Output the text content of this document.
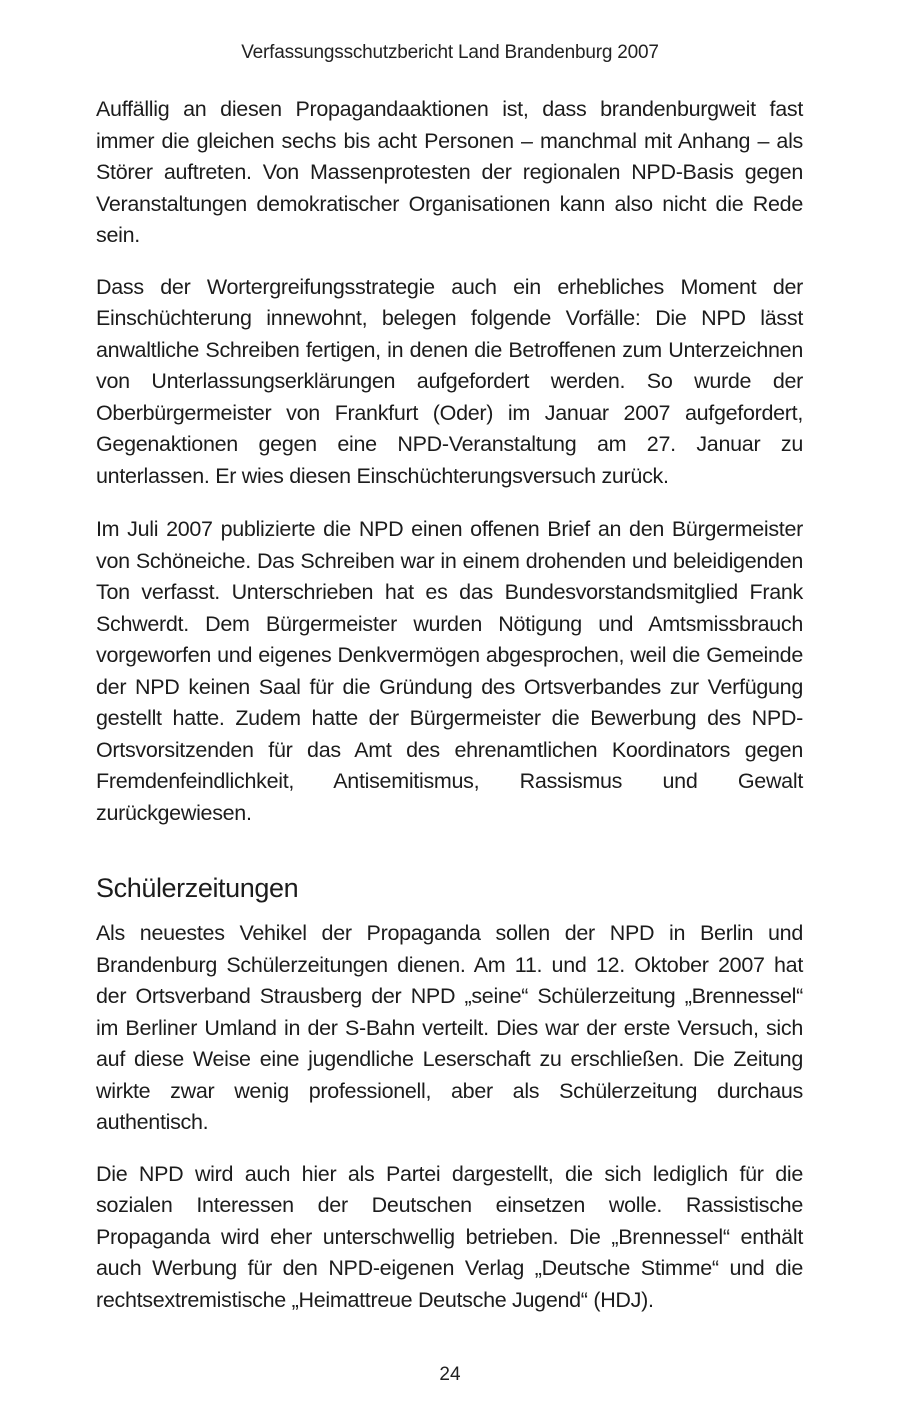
Verfassungsschutzbericht Land Brandenburg 2007

Auffällig an diesen Propagandaaktionen ist, dass brandenburgweit fast immer die gleichen sechs bis acht Personen – manchmal mit Anhang – als Störer auftreten. Von Massenprotesten der regionalen NPD-Basis gegen Veranstaltungen demokratischer Organisationen kann also nicht die Rede sein.

Dass der Wortergreifungsstrategie auch ein erhebliches Moment der Einschüchterung innewohnt, belegen folgende Vorfälle: Die NPD lässt anwaltliche Schreiben fertigen, in denen die Betroffenen zum Unterzeichnen von Unterlassungserklärungen aufgefordert werden. So wurde der Oberbürgermeister von Frankfurt (Oder) im Januar 2007 aufgefordert, Gegenaktionen gegen eine NPD-Veranstaltung am 27. Januar zu unterlassen. Er wies diesen Einschüchterungsversuch zurück.

Im Juli 2007 publizierte die NPD einen offenen Brief an den Bürgermeister von Schöneiche. Das Schreiben war in einem drohenden und beleidigenden Ton verfasst. Unterschrieben hat es das Bundesvorstandsmitglied Frank Schwerdt. Dem Bürgermeister wurden Nötigung und Amtsmissbrauch vorgeworfen und eigenes Denkvermögen abgesprochen, weil die Gemeinde der NPD keinen Saal für die Gründung des Ortsverbandes zur Verfügung gestellt hatte. Zudem hatte der Bürgermeister die Bewerbung des NPD-Ortsvorsitzenden für das Amt des ehrenamtlichen Koordinators gegen Fremdenfeindlichkeit, Antisemitismus, Rassismus und Gewalt zurückgewiesen.

Schülerzeitungen

Als neuestes Vehikel der Propaganda sollen der NPD in Berlin und Brandenburg Schülerzeitungen dienen. Am 11. und 12. Oktober 2007 hat der Ortsverband Strausberg der NPD „seine“ Schülerzeitung „Brennessel“ im Berliner Umland in der S-Bahn verteilt. Dies war der erste Versuch, sich auf diese Weise eine jugendliche Leserschaft zu erschließen. Die Zeitung wirkte zwar wenig professionell, aber als Schülerzeitung durchaus authentisch.

Die NPD wird auch hier als Partei dargestellt, die sich lediglich für die sozialen Interessen der Deutschen einsetzen wolle. Rassistische Propaganda wird eher unterschwellig betrieben. Die „Brennessel“ enthält auch Werbung für den NPD-eigenen Verlag „Deutsche Stimme“ und die rechtsextremistische „Heimattreue Deutsche Jugend“ (HDJ).

24
